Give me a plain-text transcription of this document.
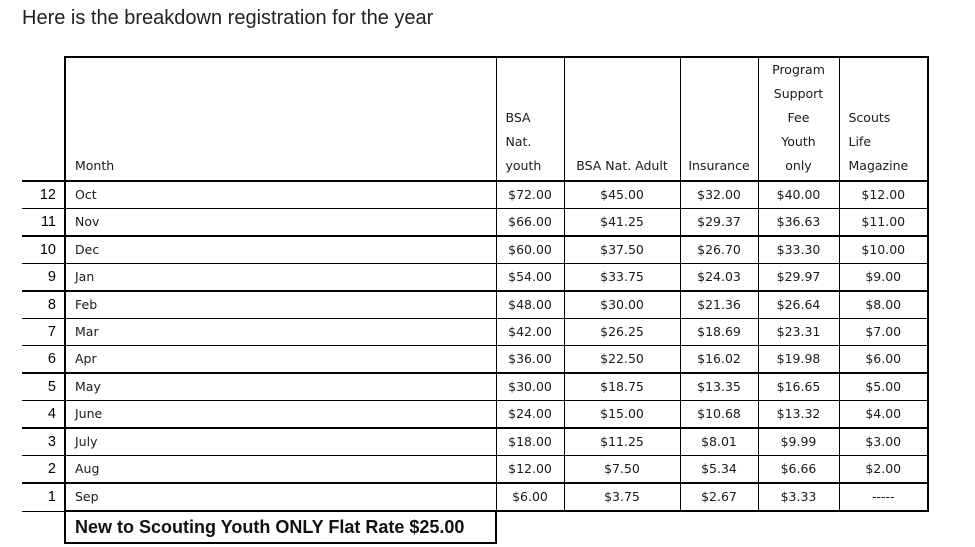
Here is the breakdown registration for the year
	Month	BSA
Nat.
youth	BSA Nat. Adult	Insurance	Program
Support
Fee
Youth
only	Scouts
Life
Magazine

12	Oct	$72.00	$45.00	$32.00	$40.00	$12.00
11	Nov	$66.00	$41.25	$29.37	$36.63	$11.00
10	Dec	$60.00	$37.50	$26.70	$33.30	$10.00
9	Jan	$54.00	$33.75	$24.03	$29.97	$9.00
8	Feb	$48.00	$30.00	$21.36	$26.64	$8.00
7	Mar	$42.00	$26.25	$18.69	$23.31	$7.00
6	Apr	$36.00	$22.50	$16.02	$19.98	$6.00
5	May	$30.00	$18.75	$13.35	$16.65	$5.00
4	June	$24.00	$15.00	$10.68	$13.32	$4.00
3	July	$18.00	$11.25	$8.01	$9.99	$3.00
2	Aug	$12.00	$7.50	$5.34	$6.66	$2.00
1	Sep	$6.00	$3.75	$2.67	$3.33	-----
	New to Scouting Youth ONLY Flat Rate $25.00					
